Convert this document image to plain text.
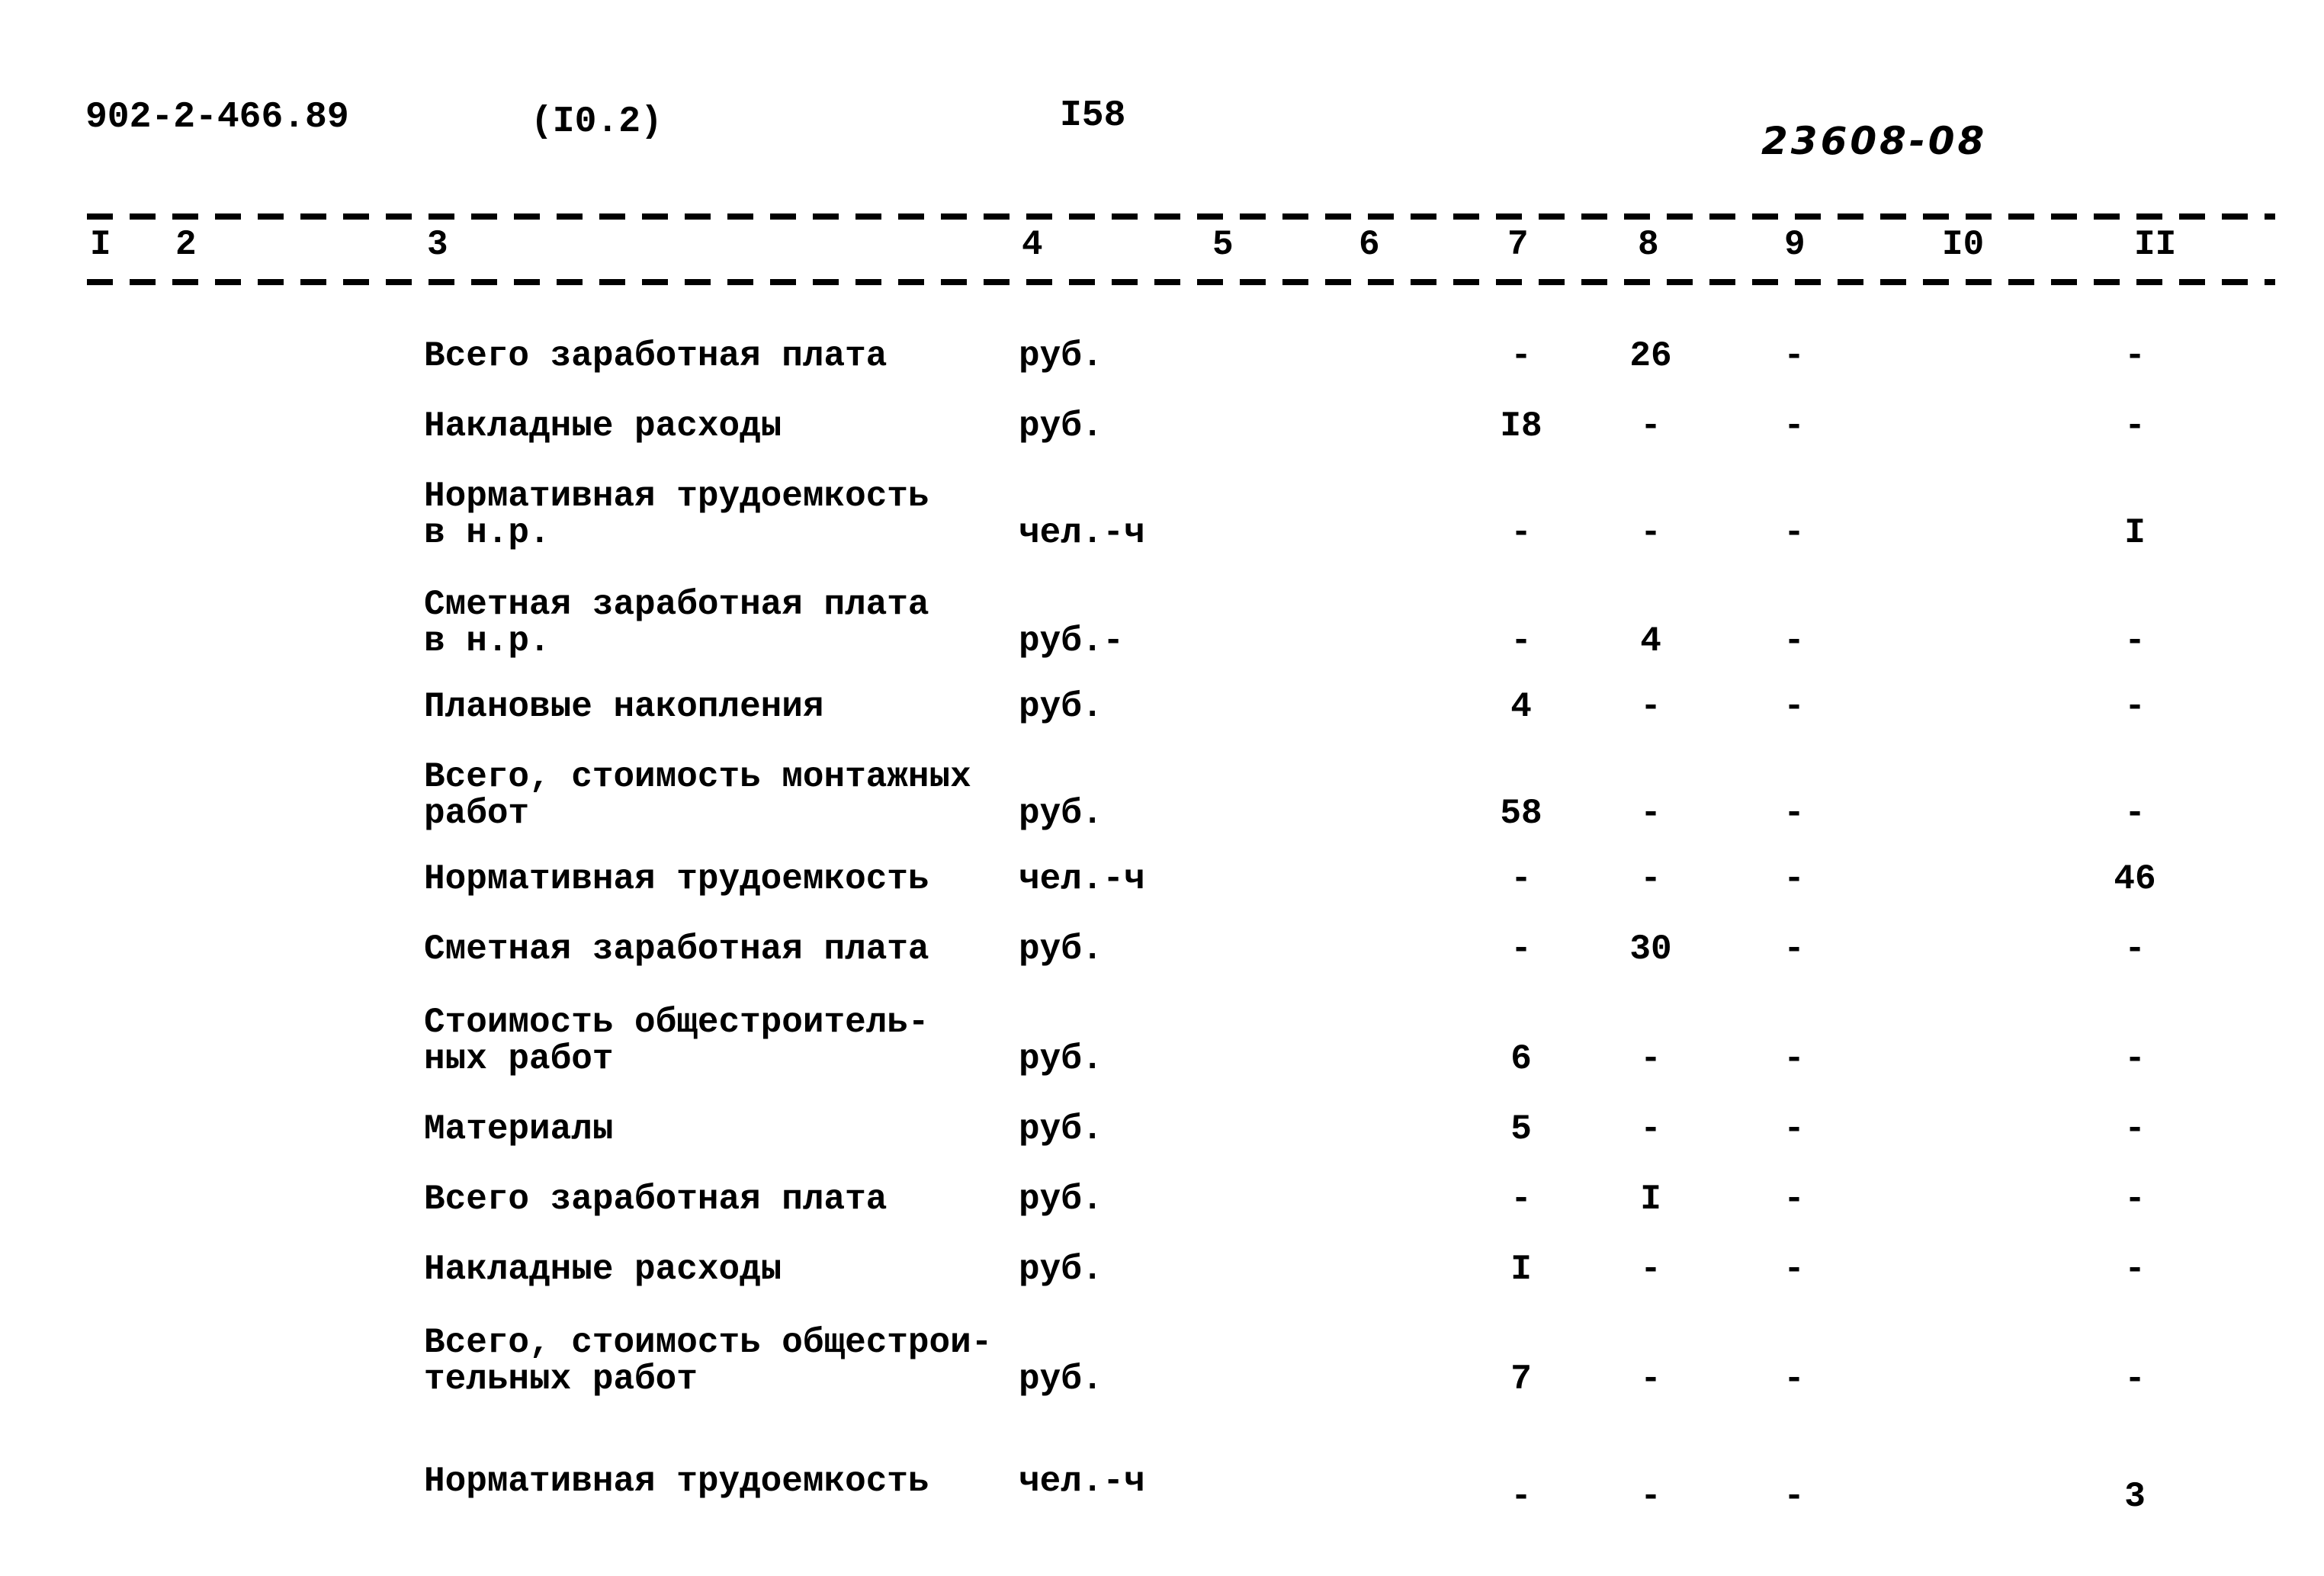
902-2-466.89	(I0.2)	I58
23608-08
I 2	3	4	5	6	7	8	9	I0	II
Всего заработная плата	руб.	-	26	-	-
Накладные расходы	руб.	I8	-	-	-
Нормативная трудоемкость
в н.р.	чел.-ч	-	-	-	I
Сметная заработная плата
в н.р.	руб.-	-	4	-	-
Плановые накопления	руб.	4	-	-	-
Всего, стоимость монтажных
работ	руб.	58	-	-	-
Нормативная трудоемкость	чел.-ч	-	-	-	46
Сметная заработная плата	руб.	-	30	-	-
Стоимость общестроитель-
ных работ	руб.	6	-	-	-
Материалы	руб.	5	-	-	-
Всего заработная плата	руб.	-	I	-	-
Накладные расходы	руб.	I	-	-	-
Всего, стоимость общестрои-
тельных работ	руб.	7	-	-	-
Нормативная трудоемкость	чел.-ч	-	-	-	3
